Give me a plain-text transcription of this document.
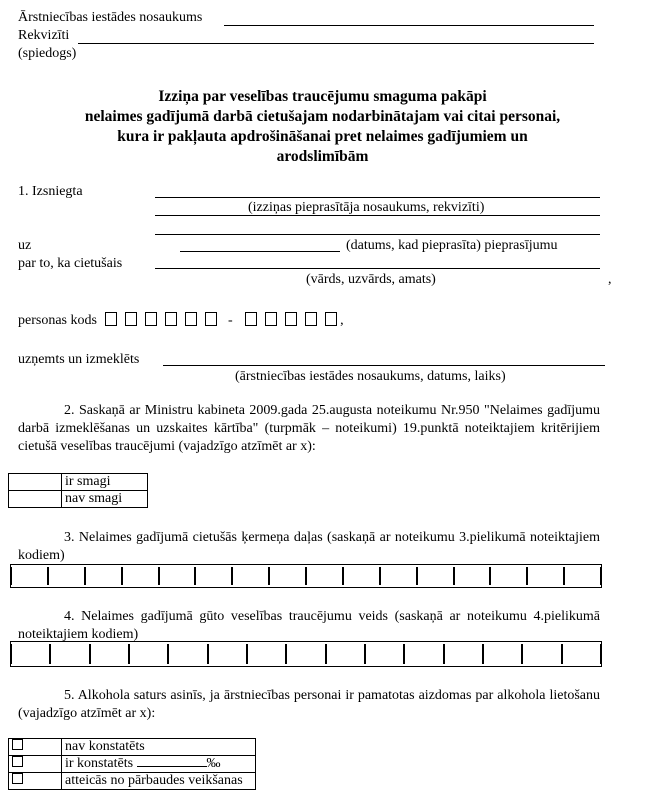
Ārstniecības iestādes nosaukums
Rekvizīti
(spiedogs)
Izziņa par veselības traucējumu smaguma pakāpi
nelaimes gadījumā darbā cietušajam nodarbinātajam vai citai personai,
kura ir pakļauta apdrošināšanai pret nelaimes gadījumiem un
arodslimībām
1. Izsniegta
(izziņas pieprasītāja nosaukums, rekvizīti)
uz	(datums, kad pieprasīta) pieprasījumu
par to, ka cietušais
(vārds, uzvārds, amats)	,
personas kods	-	,
uzņemts un izmeklēts
(ārstniecības iestādes nosaukums, datums, laiks)
2. Saskaņā ar Ministru kabineta 2009.gada 25.augusta noteikumu Nr.950 "Nelaimes gadījumu darbā izmeklēšanas un uzskaites kārtība" (turpmāk – noteikumi) 19.punktā noteiktajiem kritērijiem cietušā veselības traucējumi (vajadzīgo atzīmēt ar x):
	ir smagi
	nav smagi
3. Nelaimes gadījumā cietušās ķermeņa daļas (saskaņā ar noteikumu 3.pielikumā noteiktajiem kodiem)
4. Nelaimes gadījumā gūto veselības traucējumu veids (saskaņā ar noteikumu 4.pielikumā noteiktajiem kodiem)
5. Alkohola saturs asinīs, ja ārstniecības personai ir pamatotas aizdomas par alkohola lietošanu (vajadzīgo atzīmēt ar x):
	nav konstatēts
	ir konstatēts ‰
	atteicās no pārbaudes veikšanas
